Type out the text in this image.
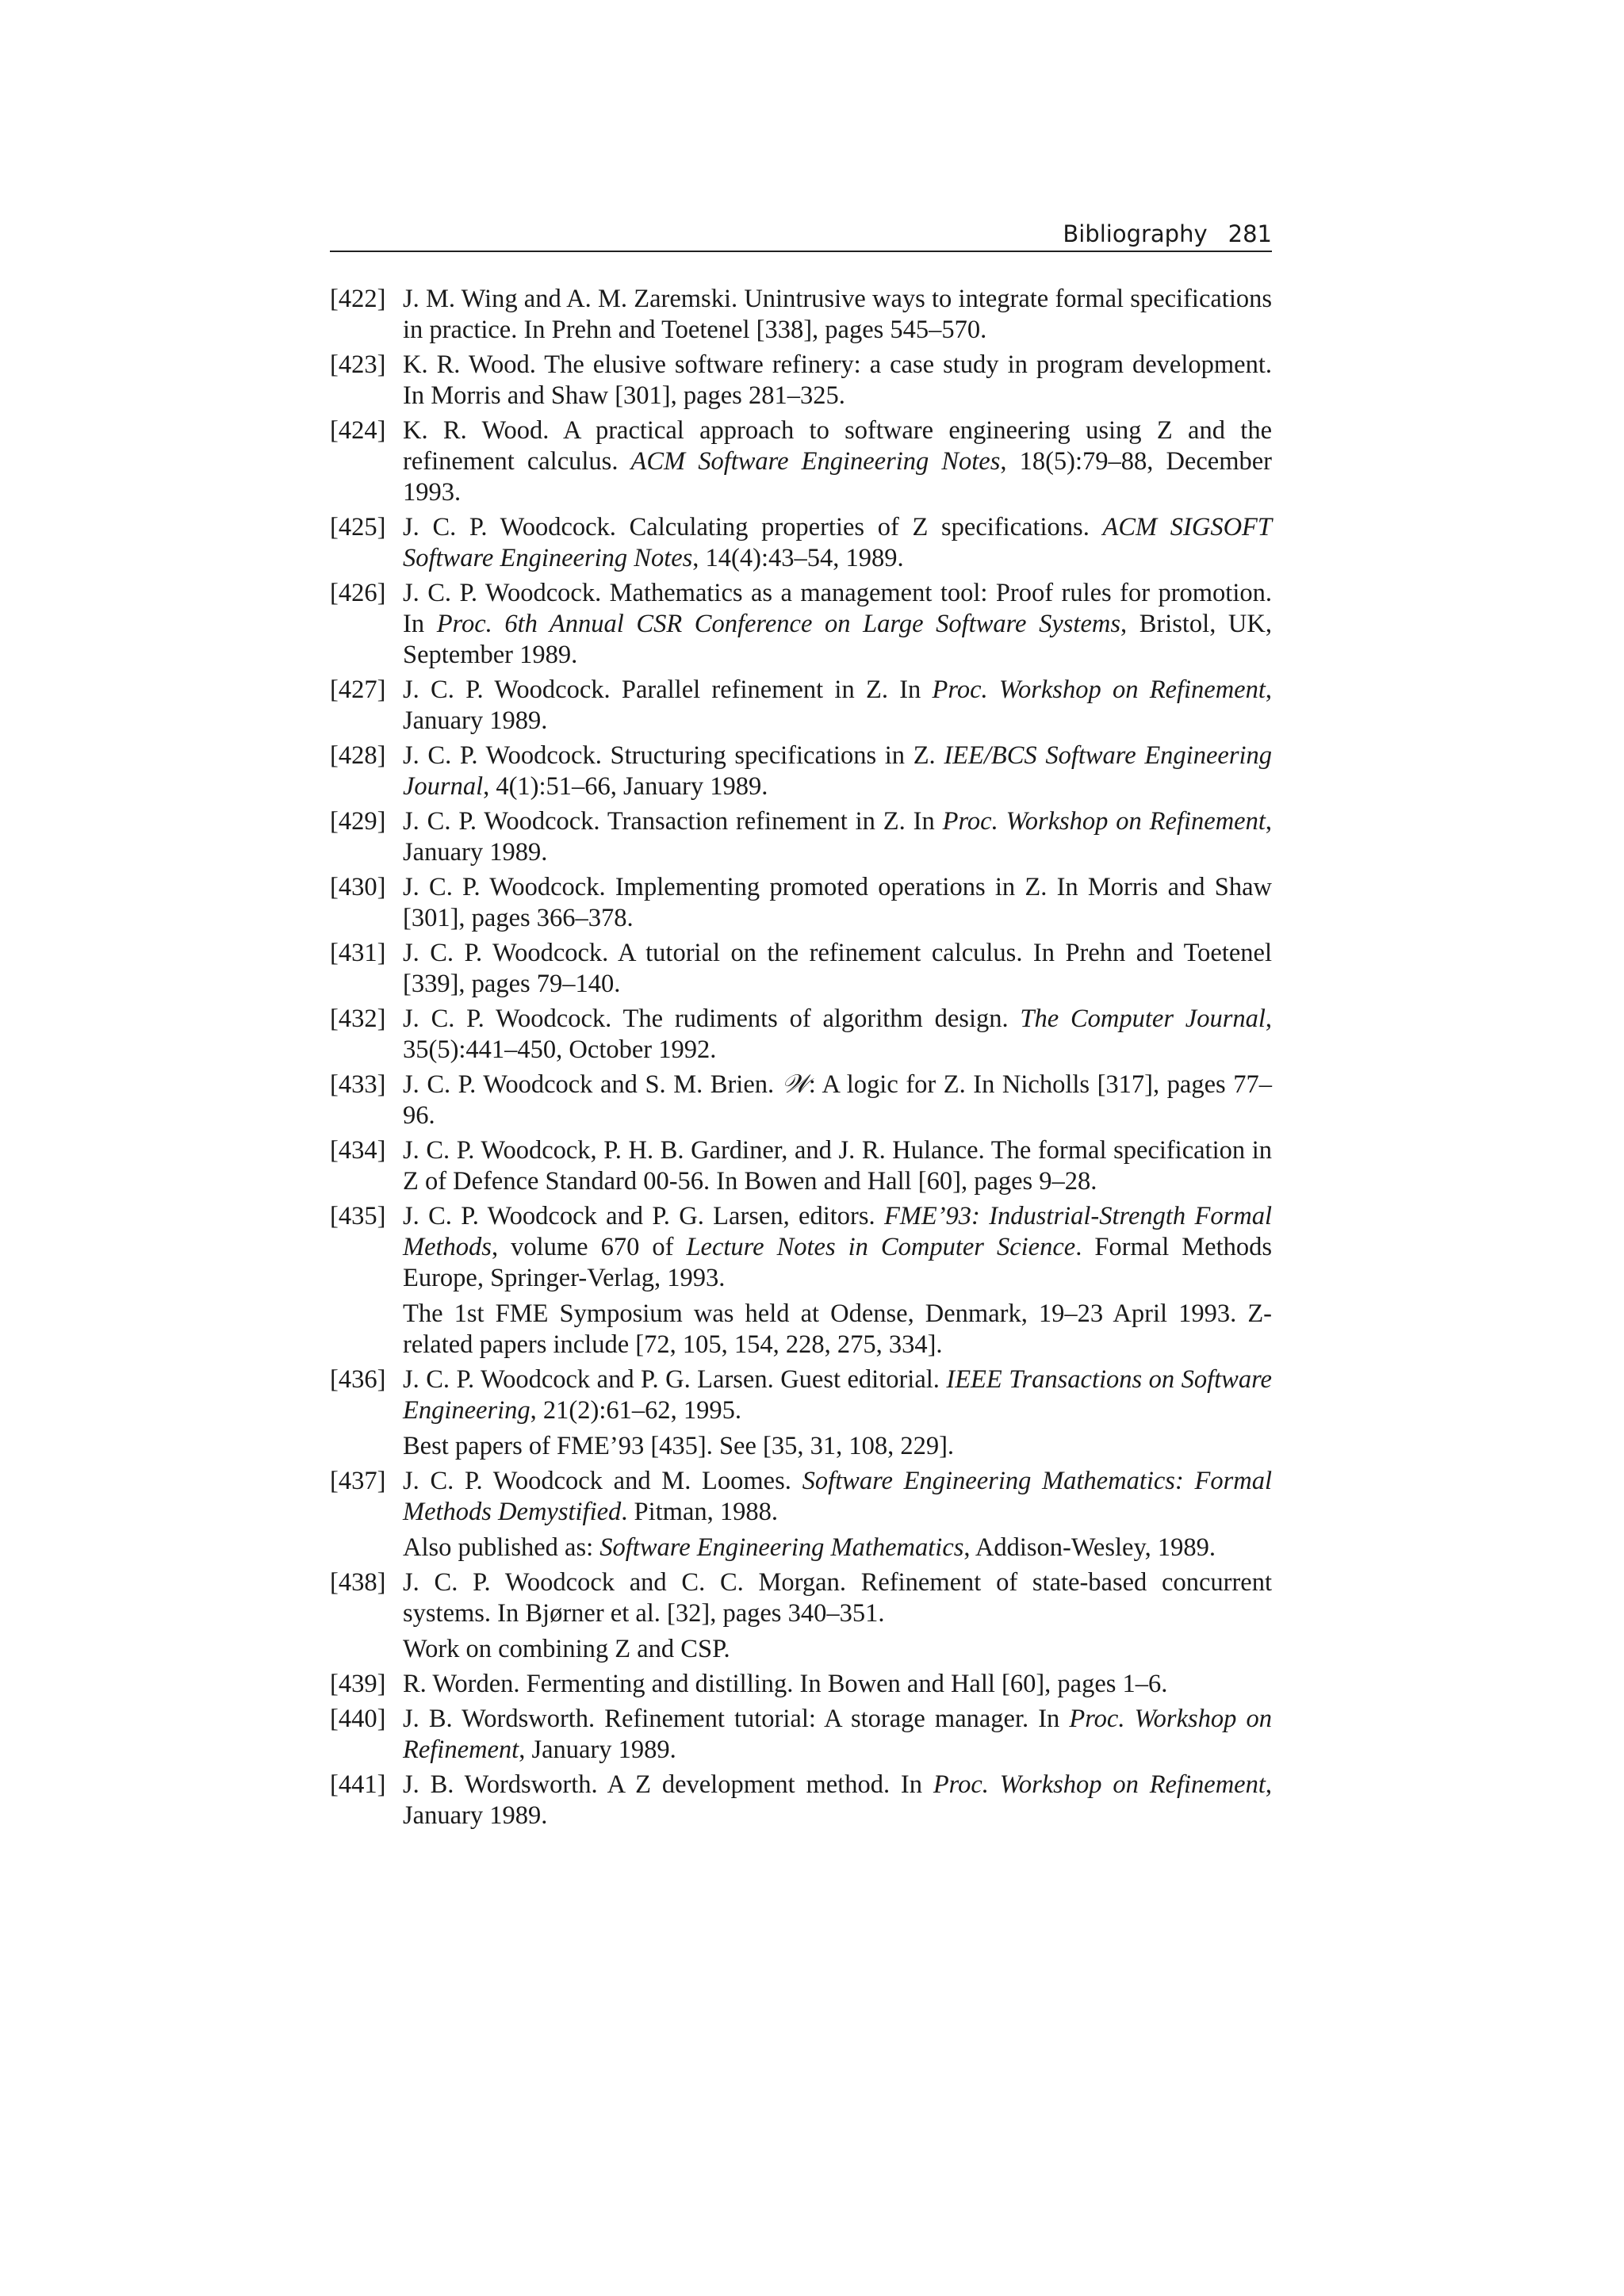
Bibliography 281
[422] J. M. Wing and A. M. Zaremski. Unintrusive ways to integrate formal specifications in practice. In Prehn and Toetenel [338], pages 545–570.
[423] K. R. Wood. The elusive software refinery: a case study in program development. In Morris and Shaw [301], pages 281–325.
[424] K. R. Wood. A practical approach to software engineering using Z and the refinement calculus. ACM Software Engineering Notes, 18(5):79–88, December 1993.
[425] J. C. P. Woodcock. Calculating properties of Z specifications. ACM SIGSOFT Software Engineering Notes, 14(4):43–54, 1989.
[426] J. C. P. Woodcock. Mathematics as a management tool: Proof rules for promotion. In Proc. 6th Annual CSR Conference on Large Software Systems, Bristol, UK, September 1989.
[427] J. C. P. Woodcock. Parallel refinement in Z. In Proc. Workshop on Refinement, January 1989.
[428] J. C. P. Woodcock. Structuring specifications in Z. IEE/BCS Software Engineering Journal, 4(1):51–66, January 1989.
[429] J. C. P. Woodcock. Transaction refinement in Z. In Proc. Workshop on Refinement, January 1989.
[430] J. C. P. Woodcock. Implementing promoted operations in Z. In Morris and Shaw [301], pages 366–378.
[431] J. C. P. Woodcock. A tutorial on the refinement calculus. In Prehn and Toetenel [339], pages 79–140.
[432] J. C. P. Woodcock. The rudiments of algorithm design. The Computer Journal, 35(5):441–450, October 1992.
[433] J. C. P. Woodcock and S. M. Brien. 𝒲: A logic for Z. In Nicholls [317], pages 77–96.
[434] J. C. P. Woodcock, P. H. B. Gardiner, and J. R. Hulance. The formal specification in Z of Defence Standard 00-56. In Bowen and Hall [60], pages 9–28.
[435] J. C. P. Woodcock and P. G. Larsen, editors. FME’93: Industrial-Strength Formal Methods, volume 670 of Lecture Notes in Computer Science. Formal Methods Europe, Springer-Verlag, 1993.
The 1st FME Symposium was held at Odense, Denmark, 19–23 April 1993. Z-related papers include [72, 105, 154, 228, 275, 334].
[436] J. C. P. Woodcock and P. G. Larsen. Guest editorial. IEEE Transactions on Software Engineering, 21(2):61–62, 1995.
Best papers of FME’93 [435]. See [35, 31, 108, 229].
[437] J. C. P. Woodcock and M. Loomes. Software Engineering Mathematics: Formal Methods Demystified. Pitman, 1988.
Also published as: Software Engineering Mathematics, Addison-Wesley, 1989.
[438] J. C. P. Woodcock and C. C. Morgan. Refinement of state-based concurrent systems. In Bjørner et al. [32], pages 340–351.
Work on combining Z and CSP.
[439] R. Worden. Fermenting and distilling. In Bowen and Hall [60], pages 1–6.
[440] J. B. Wordsworth. Refinement tutorial: A storage manager. In Proc. Workshop on Refinement, January 1989.
[441] J. B. Wordsworth. A Z development method. In Proc. Workshop on Refinement, January 1989.
